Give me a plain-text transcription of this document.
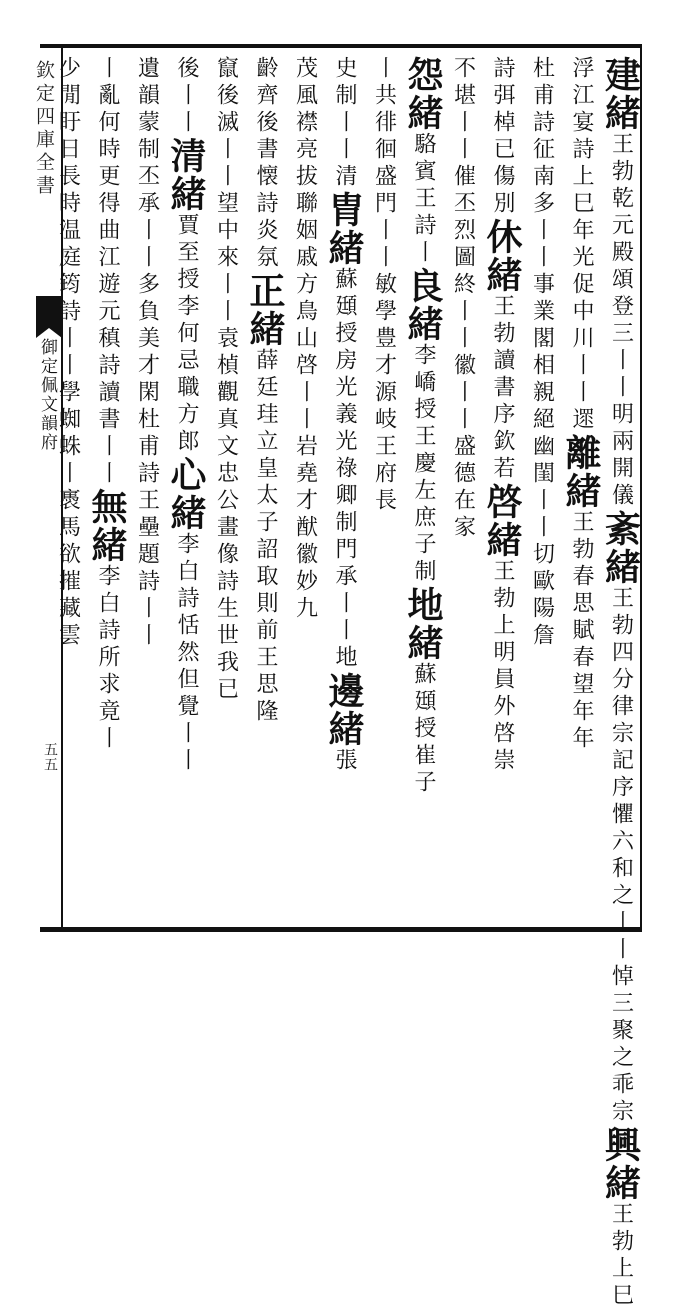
欽定四庫全書
御定佩文韻府
五五
建緒王勃乾元殿頌登三丨丨明兩開儀紊緒王勃四分律宗記序懼六和之丨丨悼三聚之乖宗興緒王勃上巳
浮江宴詩上巳年光促中川丨丨遝離緒王勃春思賦春望年年
杜甫詩征南多丨丨事業閣相親絕幽閨丨丨切歐陽詹
詩弭棹已傷別休緒王勃讀書序欽若啓緒王勃上明員外啓崇
不堪丨丨催丕烈圖終丨丨徽丨丨盛德在家
怨緒駱賓王詩丨良緒李嶠授王慶左庶子制地緒蘇頲授崔子
丨共徘徊盛門丨丨敏學豊才源岐王府長
史制丨丨清胄緒蘇頲授房光義光祿卿制門承丨丨地邊緒張
茂風襟亮拔聯姻戚方鳥山啓丨丨岩堯才猷徽妙九
齡齊後書懐詩炎氛正緒薛廷珪立皇太子詔取則前王思隆
竄後滅丨丨望中來丨丨袁楨觀真文忠公畫像詩生世我已
後丨丨清緒賈至授李何忌職方郎心緒李白詩恬然但覺丨丨
遺韻蒙制丕承丨丨多負美才閑杜甫詩王壘題詩丨丨
丨亂何時更得曲江遊元稹詩讀書丨丨無緒李白詩所求竟丨
少閒盱日長時温庭筠詩丨丨學蜘蛛丨褭馬欲摧藏雲
